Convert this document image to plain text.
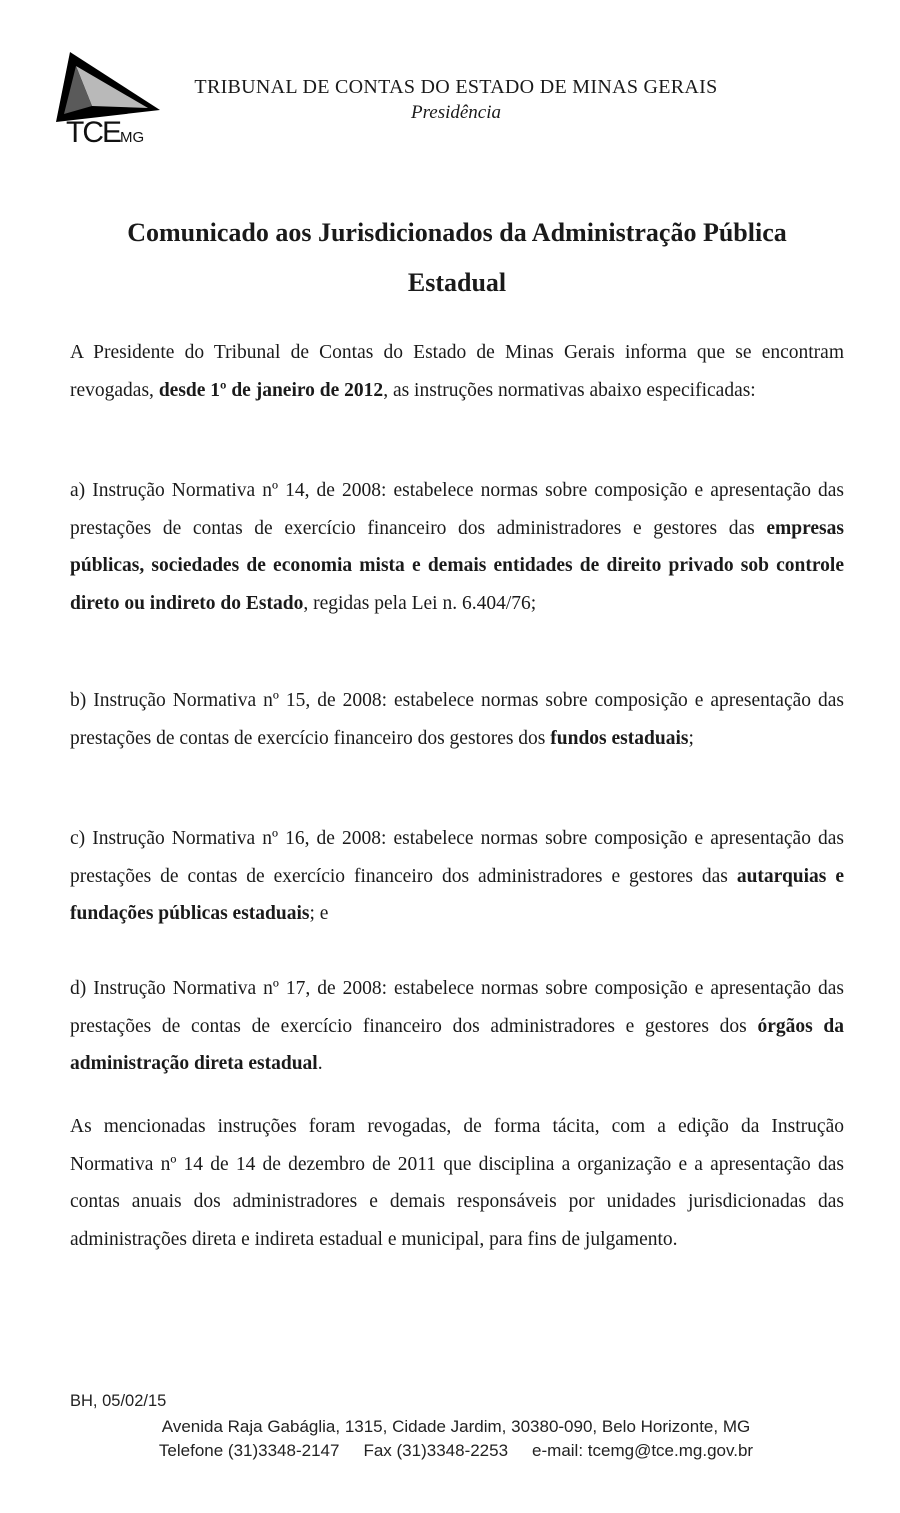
TCEMG
TRIBUNAL DE CONTAS DO ESTADO DE MINAS GERAIS
Presidência
Comunicado aos Jurisdicionados da Administração Pública
Estadual

A Presidente do Tribunal de Contas do Estado de Minas Gerais informa que se encontram revogadas, desde 1º de janeiro de 2012, as instruções normativas abaixo especificadas:

a) Instrução Normativa nº 14, de 2008: estabelece normas sobre composição e apresentação das prestações de contas de exercício financeiro dos administradores e gestores das empresas públicas, sociedades de economia mista e demais entidades de direito privado sob controle direto ou indireto do Estado, regidas pela Lei n. 6.404/76;

b) Instrução Normativa nº 15, de 2008: estabelece normas sobre composição e apresentação das prestações de contas de exercício financeiro dos gestores dos fundos estaduais;

c) Instrução Normativa nº 16, de 2008: estabelece normas sobre composição e apresentação das prestações de contas de exercício financeiro dos administradores e gestores das autarquias e fundações públicas estaduais; e

d) Instrução Normativa nº 17, de 2008: estabelece normas sobre composição e apresentação das prestações de contas de exercício financeiro dos administradores e gestores dos órgãos da administração direta estadual.

As mencionadas instruções foram revogadas, de forma tácita, com a edição da Instrução Normativa nº 14 de 14 de dezembro de 2011 que disciplina a organização e a apresentação das contas anuais dos administradores e demais responsáveis por unidades jurisdicionadas das administrações direta e indireta estadual e municipal, para fins de julgamento.

BH, 05/02/15
Avenida Raja Gabáglia, 1315, Cidade Jardim, 30380-090, Belo Horizonte, MG
Telefone (31)3348-2147 Fax (31)3348-2253 e-mail: tcemg@tce.mg.gov.br
